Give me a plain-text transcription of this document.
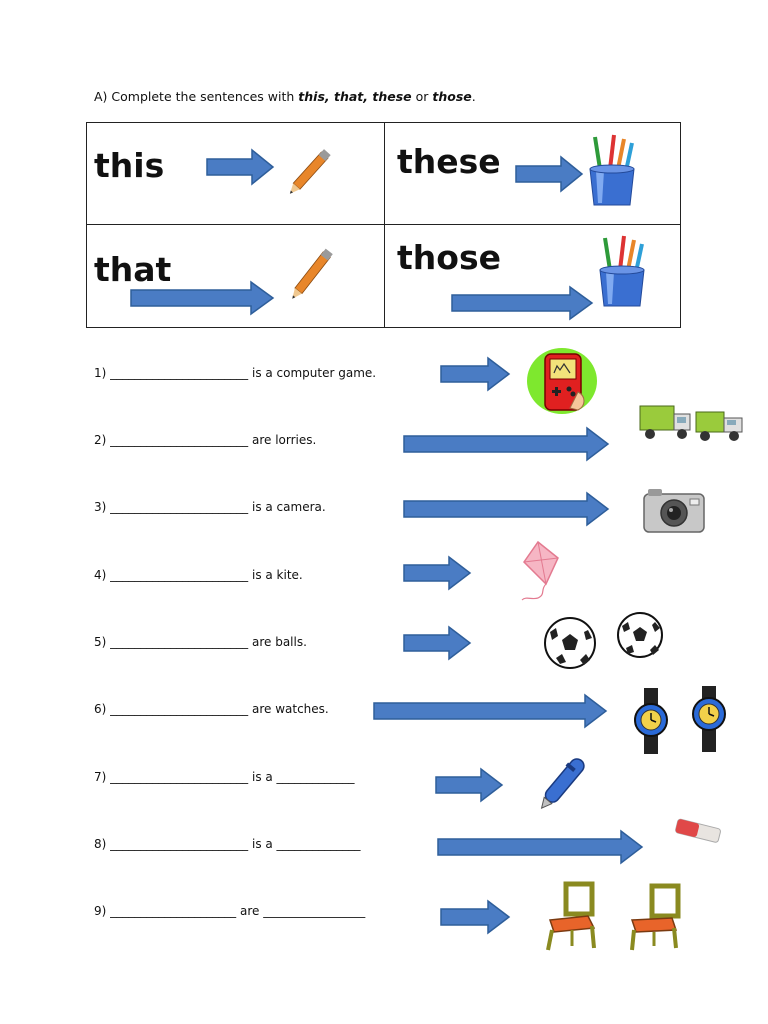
A) Complete the sentences with this, that, these or those.
this	these
that	those
1) _______________________ is a computer game.
2) _______________________ are lorries.
3) _______________________ is a camera.
4) _______________________ is a kite.
5) _______________________ are balls.
6) _______________________ are watches.
7) _______________________ is a _____________
8) _______________________ is a ______________
9) _____________________ are _________________
